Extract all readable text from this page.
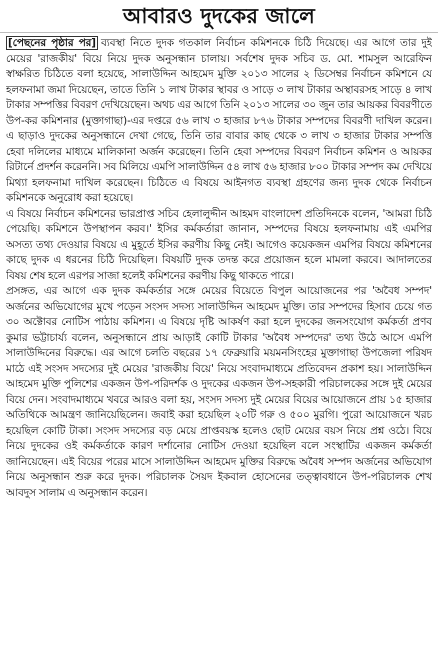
আবারও দুদকের জালে

[পেছনের পৃষ্ঠার পর] ব্যবস্থা নিতে দুদক গতকাল নির্বাচন কমিশনকে চিঠি দিয়েছে। এর আগে তার দুই মেয়ের 'রাজকীয়' বিয়ে নিয়ে দুদক অনুসন্ধান চালায়। সর্বশেষ দুদক সচিব ড. মো. শামসুল আরেফিন স্বাক্ষরিত চিঠিতে বলা হয়েছে, সালাউদ্দিন আহমেদ মুক্তি ২০১৩ সালের ২ ডিসেম্বর নির্বাচন কমিশনে যে হলফনামা জমা দিয়েছেন, তাতে তিনি ১ লাখ টাকার স্থাবর ও সাড়ে ৩ লাখ টাকার অস্থাবরসহ সাড়ে ৪ লাখ টাকার সম্পত্তির বিবরণ দেখিয়েছেন। অথচ এর আগে তিনি ২০১৩ সালের ৩০ জুন তার আয়কর বিবরণীতে উপ-কর কমিশনার (মুক্তাগাছা)-এর দপ্তরে ৫৬ লাখ ৩ হাজার ৮৭৬ টাকার সম্পদের বিবরণী দাখিল করেন। এ ছাড়াও দুদকের অনুসন্ধানে দেখা গেছে, তিনি তার বাবার কাছ থেকে ৩ লাখ ৩ হাজার টাকার সম্পত্তি হেবা দলিলের মাধ্যমে মালিকানা অর্জন করেছেন। তিনি হেবা সম্পদের বিবরণ নির্বাচন কমিশন ও আয়কর রিটার্নে প্রদর্শন করেননি। সব মিলিয়ে এমপি সালাউদ্দিন ৫৪ লাখ ৫৬ হাজার ৮০০ টাকার সম্পদ কম দেখিয়ে মিথ্যা হলফনামা দাখিল করেছেন। চিঠিতে এ বিষয়ে আইনগত ব্যবস্থা গ্রহণের জন্য দুদক থেকে নির্বাচন কমিশনকে অনুরোধ করা হয়েছে।

এ বিষয়ে নির্বাচন কমিশনের ভারপ্রাপ্ত সচিব হেলালুদ্দীন আহমদ বাংলাদেশ প্রতিদিনকে বলেন, 'আমরা চিঠি পেয়েছি। কমিশনে উপস্থাপন করব।' ইসির কর্মকর্তারা জানান, সম্পদের বিষয়ে হলফনামায় এই এমপির অসত্য তথ্য দেওয়ার বিষয়ে এ মুহূর্তে ইসির করণীয় কিছু নেই। আগেও কয়েকজন এমপির বিষয়ে কমিশনের কাছে দুদক এ ধরনের চিঠি দিয়েছিল। বিষয়টি দুদক তদন্ত করে প্রয়োজন হলে মামলা করবে। আদালতের বিষয় শেষ হলে এরপর সাজা হলেই কমিশনের করণীয় কিছু থাকতে পারে।

প্রসঙ্গত, এর আগে এক দুদক কর্মকর্তার সঙ্গে মেয়ের বিয়েতে বিপুল আয়োজনের পর 'অবৈধ সম্পদ' অর্জনের অভিযোগের মুখে পড়েন সংসদ সদস্য সালাউদ্দিন আহমেদ মুক্তি। তার সম্পদের হিসাব চেয়ে গত ৩০ অক্টোবর নোটিস পাঠায় কমিশন। এ বিষয়ে দৃষ্টি আকর্ষণ করা হলে দুদকের জনসংযোগ কর্মকর্তা প্রণব কুমার ভট্টাচার্য্য বলেন, অনুসন্ধানে প্রায় আড়াই কোটি টাকার 'অবৈধ সম্পদের' তথ্য উঠে আসে এমপি সালাউদ্দিনের বিরুদ্ধে। এর আগে চলতি বছরের ১৭ ফেব্রুয়ারি ময়মনসিংহের মুক্তাগাছা উপজেলা পরিষদ মাঠে এই সংসদ সদস্যের দুই মেয়ের 'রাজকীয় বিয়ে' নিয়ে সংবাদমাধ্যমে প্রতিবেদন প্রকাশ হয়। সালাউদ্দিন আহমেদ মুক্তি পুলিশের একজন উপ-পরিদর্শক ও দুদকের একজন উপ-সহকারী পরিচালকের সঙ্গে দুই মেয়ের বিয়ে দেন। সংবাদমাধ্যমে খবরে আরও বলা হয়, সংসদ সদস্য দুই মেয়ের বিয়ের আয়োজনে প্রায় ১৫ হাজার অতিথিকে আমন্ত্রণ জানিয়েছিলেন। জবাই করা হয়েছিল ২০টি গরু ও ৫০০ মুরগি। পুরো আয়োজনে খরচ হয়েছিল কোটি টাকা। সংসদ সদস্যের বড় মেয়ে প্রাপ্তবয়স্ক হলেও ছোট মেয়ের বয়স নিয়ে প্রশ্ন ওঠে। বিয়ে নিয়ে দুদকের ওই কর্মকর্তাকে কারণ দর্শানোর নোটিস দেওয়া হয়েছিল বলে সংস্থাটির একজন কর্মকর্তা জানিয়েছেন। এই বিয়ের পরের মাসে সালাউদ্দিন আহমেদ মুক্তির বিরুদ্ধে অবৈধ সম্পদ অর্জনের অভিযোগ নিয়ে অনুসন্ধান শুরু করে দুদক। পরিচালক সৈয়দ ইকবাল হোসেনের তত্ত্বাবধানে উপ-পরিচালক শেখ আবদুস সালাম এ অনুসন্ধান করেন।
